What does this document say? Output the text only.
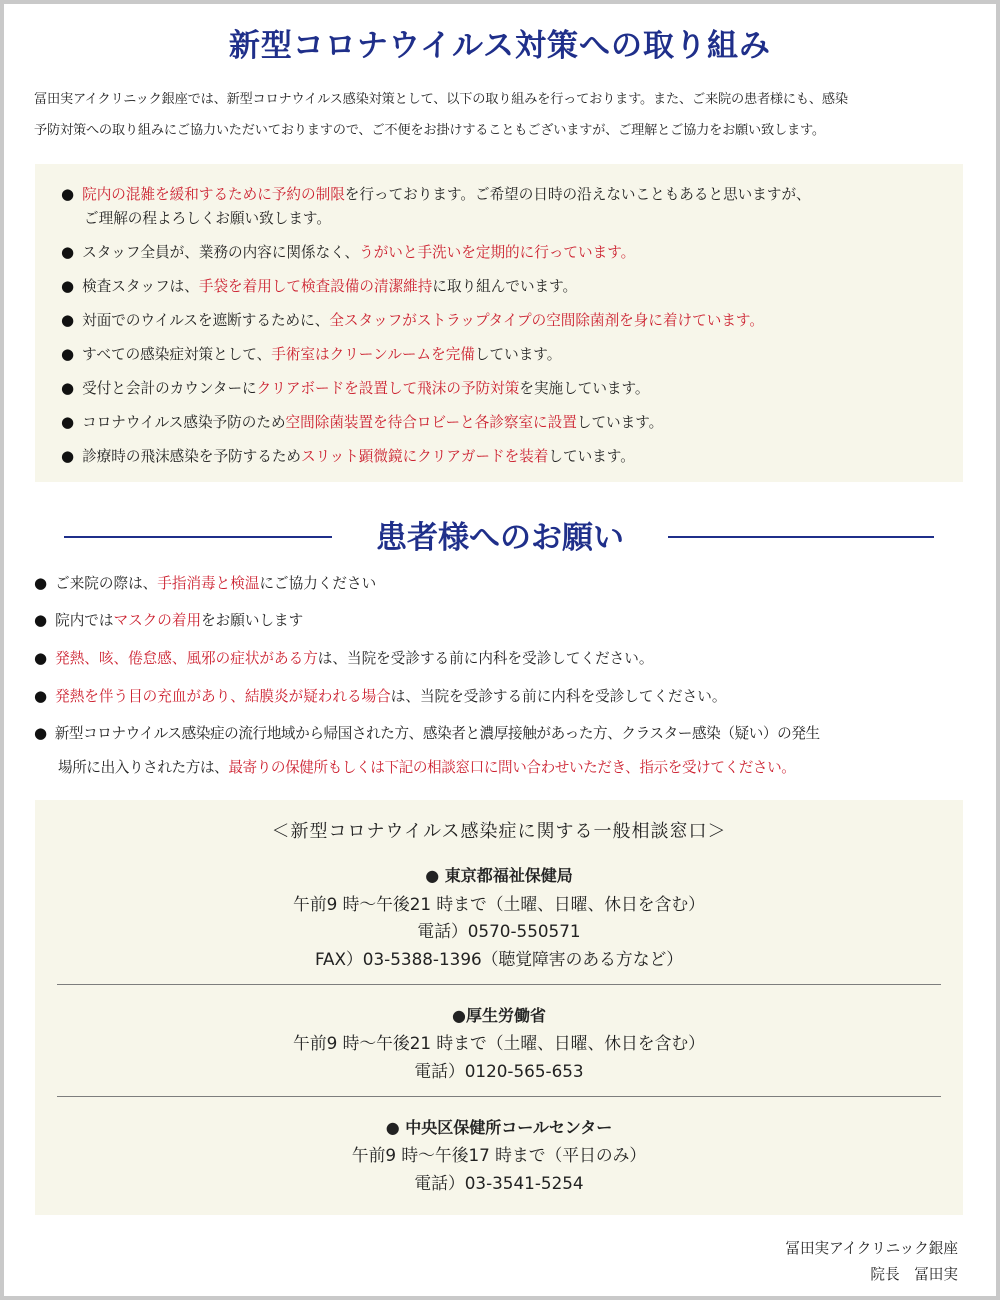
新型コロナウイルス対策への取り組み
冨田実アイクリニック銀座では、新型コロナウイルス感染対策として、以下の取り組みを行っております。また、ご来院の患者様にも、感染
予防対策への取り組みにご協力いただいておりますので、ご不便をお掛けすることもございますが、ご理解とご協力をお願い致します。
● 院内の混雑を緩和するために予約の制限を行っております。ご希望の日時の沿えないこともあると思いますが、
ご理解の程よろしくお願い致します。
● スタッフ全員が、業務の内容に関係なく、うがいと手洗いを定期的に行っています。
● 検査スタッフは、手袋を着用して検査設備の清潔維持に取り組んでいます。
● 対面でのウイルスを遮断するために、全スタッフがストラップタイプの空間除菌剤を身に着けています。
● すべての感染症対策として、手術室はクリーンルームを完備しています。
● 受付と会計のカウンターにクリアボードを設置して飛沫の予防対策を実施しています。
● コロナウイルス感染予防のため空間除菌装置を待合ロビーと各診察室に設置しています。
● 診療時の飛沫感染を予防するためスリット顕微鏡にクリアガードを装着しています。
患者様へのお願い
● ご来院の際は、手指消毒と検温にご協力ください
● 院内ではマスクの着用をお願いします
● 発熱、咳、倦怠感、風邪の症状がある方は、当院を受診する前に内科を受診してください。
● 発熱を伴う目の充血があり、結膜炎が疑われる場合は、当院を受診する前に内科を受診してください。
● 新型コロナウイルス感染症の流行地域から帰国された方、感染者と濃厚接触があった方、クラスター感染（疑い）の発生
場所に出入りされた方は、最寄りの保健所もしくは下記の相談窓口に問い合わせいただき、指示を受けてください。
＜新型コロナウイルス感染症に関する一般相談窓口＞
● 東京都福祉保健局
午前9 時〜午後21 時まで（土曜、日曜、休日を含む）
電話）0570-550571
FAX）03-5388-1396（聴覚障害のある方など）
●厚生労働省
午前9 時〜午後21 時まで（土曜、日曜、休日を含む）
電話）0120-565-653
● 中央区保健所コールセンター
午前9 時〜午後17 時まで（平日のみ）
電話）03-3541-5254
冨田実アイクリニック銀座
院長　冨田実
